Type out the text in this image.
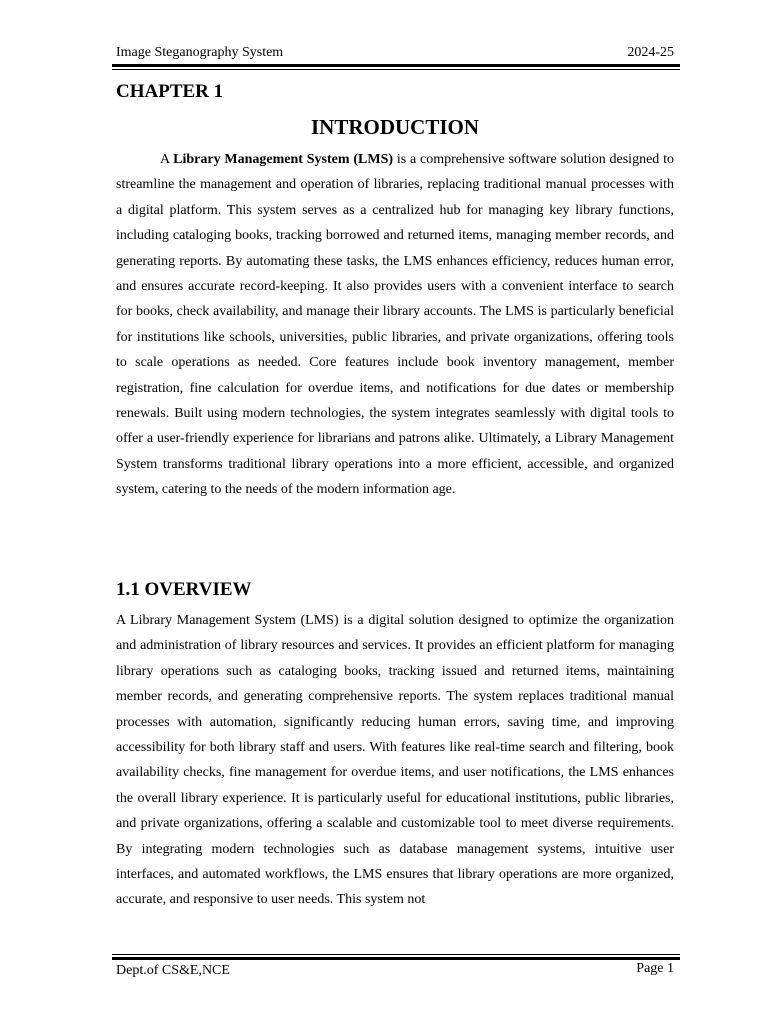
Image Steganography System	2024-25
CHAPTER 1
INTRODUCTION

A Library Management System (LMS) is a comprehensive software solution designed to streamline the management and operation of libraries, replacing traditional manual processes with a digital platform. This system serves as a centralized hub for managing key library functions, including cataloging books, tracking borrowed and returned items, managing member records, and generating reports. By automating these tasks, the LMS enhances efficiency, reduces human error, and ensures accurate record-keeping. It also provides users with a convenient interface to search for books, check availability, and manage their library accounts. The LMS is particularly beneficial for institutions like schools, universities, public libraries, and private organizations, offering tools to scale operations as needed. Core features include book inventory management, member registration, fine calculation for overdue items, and notifications for due dates or membership renewals. Built using modern technologies, the system integrates seamlessly with digital tools to offer a user-friendly experience for librarians and patrons alike. Ultimately, a Library Management System transforms traditional library operations into a more efficient, accessible, and organized system, catering to the needs of the modern information age.

1.1 OVERVIEW

A Library Management System (LMS) is a digital solution designed to optimize the organization and administration of library resources and services. It provides an efficient platform for managing library operations such as cataloging books, tracking issued and returned items, maintaining member records, and generating comprehensive reports. The system replaces traditional manual processes with automation, significantly reducing human errors, saving time, and improving accessibility for both library staff and users. With features like real-time search and filtering, book availability checks, fine management for overdue items, and user notifications, the LMS enhances the overall library experience. It is particularly useful for educational institutions, public libraries, and private organizations, offering a scalable and customizable tool to meet diverse requirements. By integrating modern technologies such as database management systems, intuitive user interfaces, and automated workflows, the LMS ensures that library operations are more organized, accurate, and responsive to user needs. This system not

Dept.of CS&E,NCE	Page 1
